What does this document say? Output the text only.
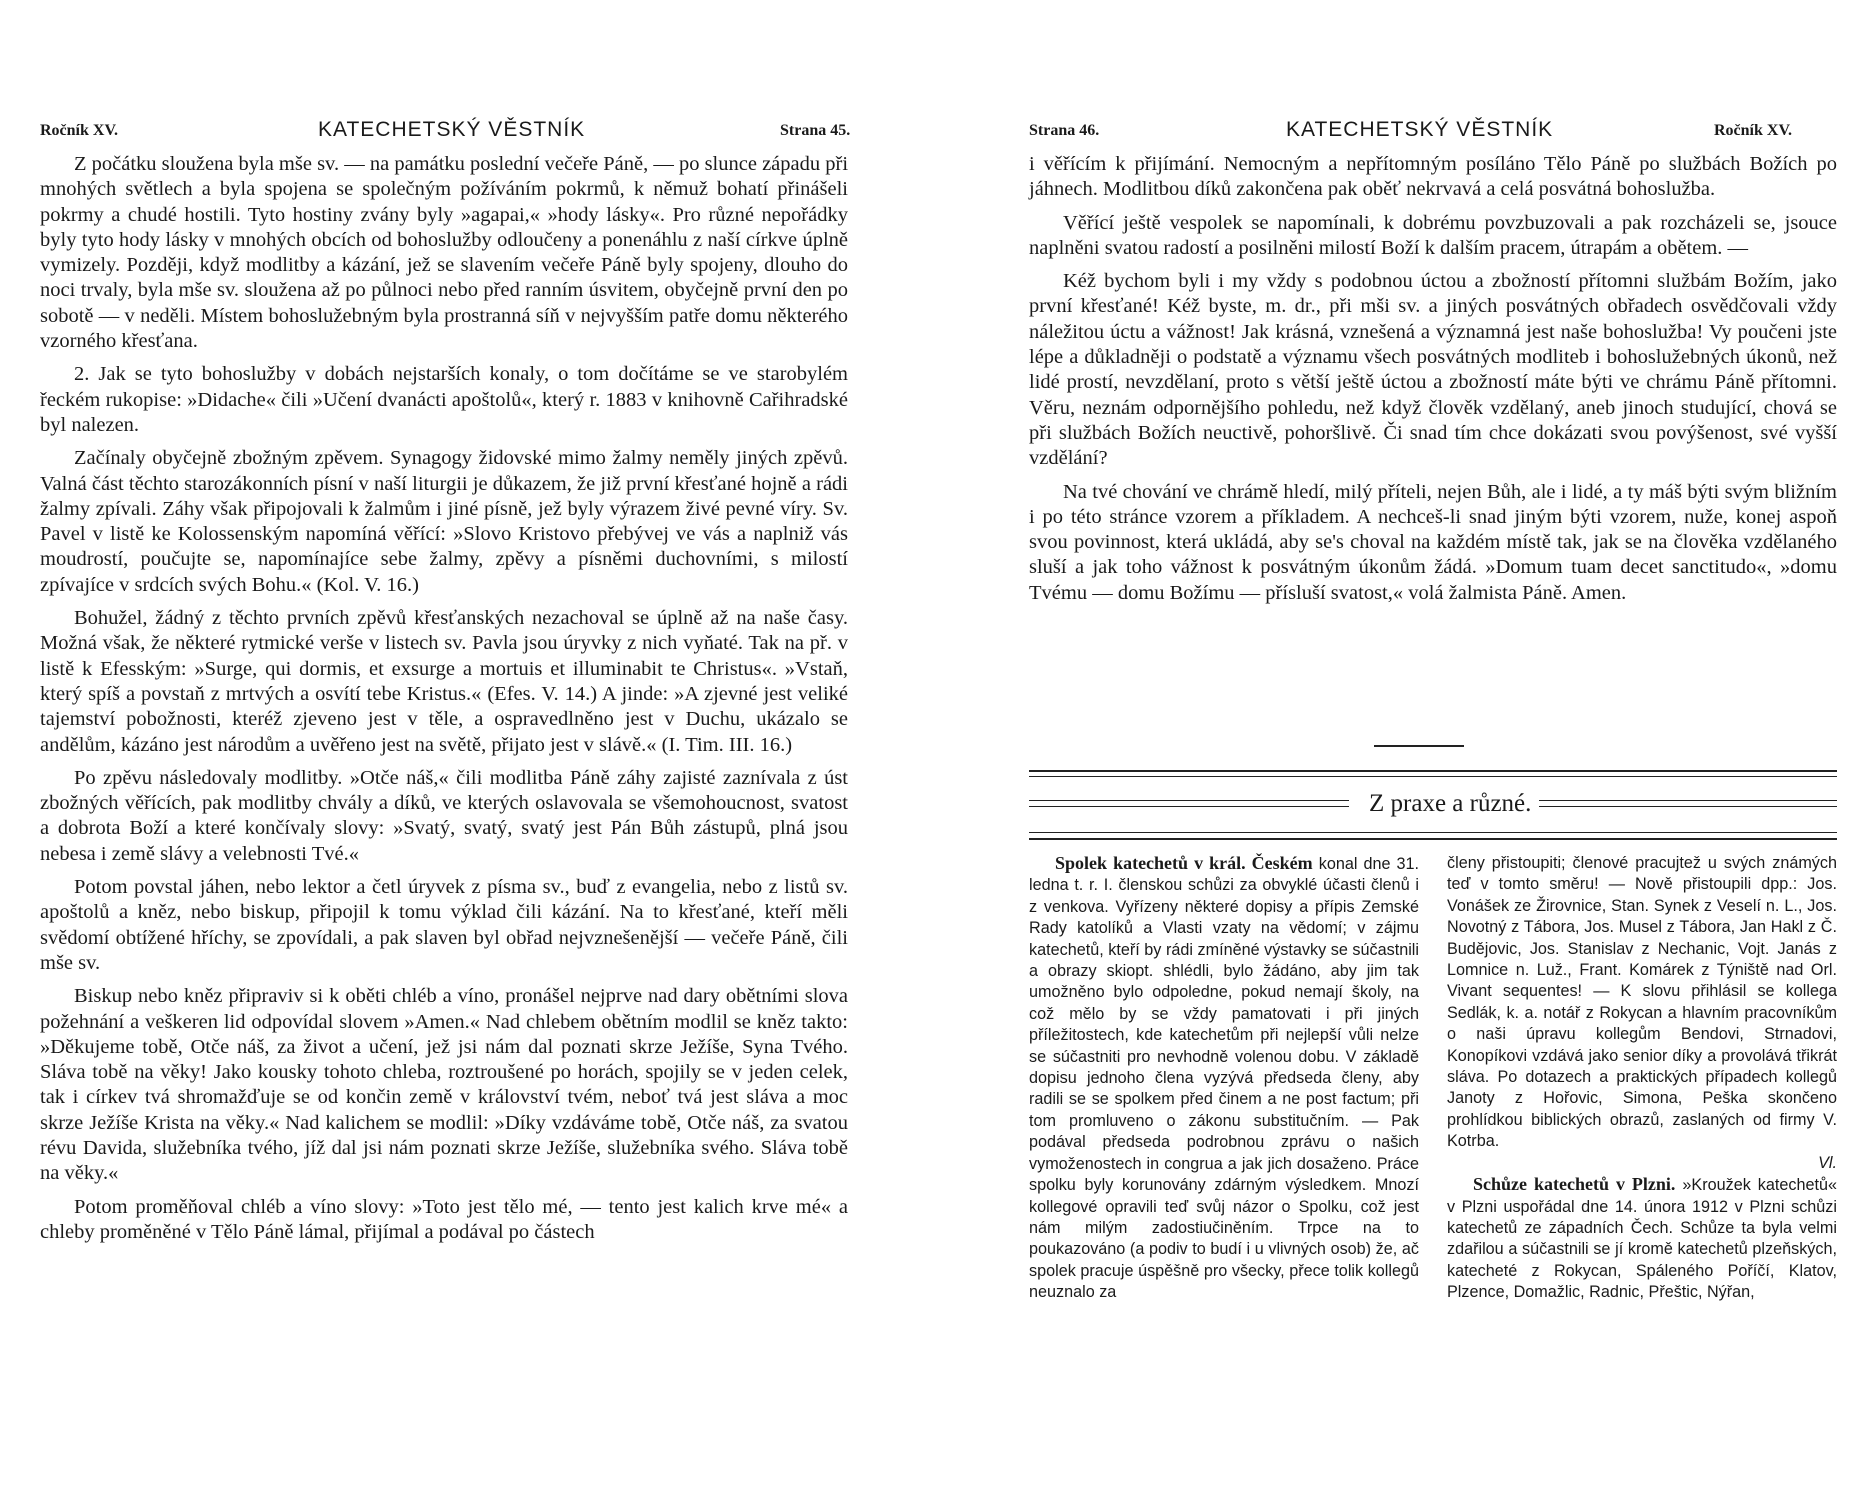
Ročník XV.	KATECHETSKÝ VĚSTNÍK	Strana 45.

Z počátku sloužena byla mše sv. — na památku poslední večeře Páně, — po slunce západu při mnohých světlech a byla spojena se společným požíváním pokrmů, k němuž bohatí přinášeli pokrmy a chudé hostili. Tyto hostiny zvány byly »agapai,« »hody lásky«. Pro různé nepořádky byly tyto hody lásky v mnohých obcích od bohoslužby odloučeny a ponenáhlu z naší církve úplně vymizely. Později, když modlitby a kázání, jež se slavením večeře Páně byly spojeny, dlouho do noci trvaly, byla mše sv. sloužena až po půlnoci nebo před ranním úsvitem, obyčejně první den po sobotě — v neděli. Místem bohoslužebným byla prostranná síň v nejvyšším patře domu některého vzorného křesťana.

2. Jak se tyto bohoslužby v dobách nejstarších konaly, o tom dočítáme se ve starobylém řeckém rukopise: »Didache« čili »Učení dvanácti apoštolů«, který r. 1883 v knihovně Cařihradské byl nalezen.

Začínaly obyčejně zbožným zpěvem. Synagogy židovské mimo žalmy neměly jiných zpěvů. Valná část těchto starozákonních písní v naší liturgii je důkazem, že již první křesťané hojně a rádi žalmy zpívali. Záhy však připojovali k žalmům i jiné písně, jež byly výrazem živé pevné víry. Sv. Pavel v listě ke Kolossenským napomíná věřící: »Slovo Kristovo přebývej ve vás a naplniž vás moudrostí, poučujte se, napomínajíce sebe žalmy, zpěvy a písněmi duchovními, s milostí zpívajíce v srdcích svých Bohu.« (Kol. V. 16.)

Bohužel, žádný z těchto prvních zpěvů křesťanských nezachoval se úplně až na naše časy. Možná však, že některé rytmické verše v listech sv. Pavla jsou úryvky z nich vyňaté. Tak na př. v listě k Efesským: »Surge, qui dormis, et exsurge a mortuis et illuminabit te Christus«. »Vstaň, který spíš a povstaň z mrtvých a osvítí tebe Kristus.« (Efes. V. 14.) A jinde: »A zjevné jest veliké tajemství pobožnosti, kteréž zjeveno jest v těle, a ospravedlněno jest v Duchu, ukázalo se andělům, kázáno jest národům a uvěřeno jest na světě, přijato jest v slávě.« (I. Tim. III. 16.)

Po zpěvu následovaly modlitby. »Otče náš,« čili modlitba Páně záhy zajisté zaznívala z úst zbožných věřících, pak modlitby chvály a díků, ve kterých oslavovala se všemohoucnost, svatost a dobrota Boží a které končívaly slovy: »Svatý, svatý, svatý jest Pán Bůh zástupů, plná jsou nebesa i země slávy a velebnosti Tvé.«

Potom povstal jáhen, nebo lektor a četl úryvek z písma sv., buď z evangelia, nebo z listů sv. apoštolů a kněz, nebo biskup, připojil k tomu výklad čili kázání. Na to křesťané, kteří měli svědomí obtížené hříchy, se zpovídali, a pak slaven byl obřad nejvznešenější — večeře Páně, čili mše sv.

Biskup nebo kněz připraviv si k oběti chléb a víno, pronášel nejprve nad dary obětními slova požehnání a veškeren lid odpovídal slovem »Amen.« Nad chlebem obětním modlil se kněz takto: »Děkujeme tobě, Otče náš, za život a učení, jež jsi nám dal poznati skrze Ježíše, Syna Tvého. Sláva tobě na věky! Jako kousky tohoto chleba, roztroušené po horách, spojily se v jeden celek, tak i církev tvá shromažďuje se od končin země v království tvém, neboť tvá jest sláva a moc skrze Ježíše Krista na věky.« Nad kalichem se modlil: »Díky vzdáváme tobě, Otče náš, za svatou révu Davida, služebníka tvého, jíž dal jsi nám poznati skrze Ježíše, služebníka svého. Sláva tobě na věky.«

Potom proměňoval chléb a víno slovy: »Toto jest tělo mé, — tento jest kalich krve mé« a chleby proměněné v Tělo Páně lámal, přijímal a podával po částech

Strana 46.	KATECHETSKÝ VĚSTNÍK	Ročník XV.

i věřícím k přijímání. Nemocným a nepřítomným posíláno Tělo Páně po službách Božích po jáhnech. Modlitbou díků zakončena pak oběť nekrvavá a celá posvátná bohoslužba.

Věřící ještě vespolek se napomínali, k dobrému povzbuzovali a pak rozcházeli se, jsouce naplněni svatou radostí a posilněni milostí Boží k dalším pracem, útrapám a obětem. —

Kéž bychom byli i my vždy s podobnou úctou a zbožností přítomni službám Božím, jako první křesťané! Kéž byste, m. dr., při mši sv. a jiných posvátných obřadech osvědčovali vždy náležitou úctu a vážnost! Jak krásná, vznešená a významná jest naše bohoslužba! Vy poučeni jste lépe a důkladněji o podstatě a významu všech posvátných modliteb i bohoslužebných úkonů, než lidé prostí, nevzdělaní, proto s větší ještě úctou a zbožností máte býti ve chrámu Páně přítomni. Věru, neznám odpornějšího pohledu, než když člověk vzdělaný, aneb jinoch studující, chová se při službách Božích neuctivě, pohoršlivě. Či snad tím chce dokázati svou povýšenost, své vyšší vzdělání?

Na tvé chování ve chrámě hledí, milý příteli, nejen Bůh, ale i lidé, a ty máš býti svým bližním i po této stránce vzorem a příkladem. A nechceš-li snad jiným býti vzorem, nuže, konej aspoň svou povinnost, která ukládá, aby se's choval na každém místě tak, jak se na člověka vzdělaného sluší a jak toho vážnost k posvátným úkonům žádá. »Domum tuam decet sanctitudo«, »domu Tvému — domu Božímu — přísluší svatost,« volá žalmista Páně. Amen.

Z praxe a různé.

Spolek katechetů v král. Českém konal dne 31. ledna t. r. I. členskou schůzi za obvyklé účasti členů i z venkova. Vyřízeny některé dopisy a přípis Zemské Rady katolíků a Vlasti vzaty na vědomí; v zájmu katechetů, kteří by rádi zmíněné výstavky se súčastnili a obrazy skiopt. shlédli, bylo žádáno, aby jim tak umožněno bylo odpoledne, pokud nemají školy, na což mělo by se vždy pamatovati i při jiných příležitostech, kde katechetům při nejlepší vůli nelze se súčastniti pro nevhodně volenou dobu. V základě dopisu jednoho člena vyzývá předseda členy, aby radili se se spolkem před činem a ne post factum; při tom promluveno o zákonu substitučním. — Pak podával předseda podrobnou zprávu o našich vymoženostech in congrua a jak jich dosaženo. Práce spolku byly korunovány zdárným výsledkem. Mnozí kollegové opravili teď svůj názor o Spolku, což jest nám milým zadostiučiněním. Trpce na to poukazováno (a podiv to budí i u vlivných osob) že, ač spolek pracuje úspěšně pro všecky, přece tolik kollegů neuznalo za

členy přistoupiti; členové pracujtež u svých známých teď v tomto směru! — Nově přistoupili dpp.: Jos. Vonášek ze Žirovnice, Stan. Synek z Veselí n. L., Jos. Novotný z Tábora, Jos. Musel z Tábora, Jan Hakl z Č. Budějovic, Jos. Stanislav z Nechanic, Vojt. Janás z Lomnice n. Luž., Frant. Komárek z Týniště nad Orl. Vivant sequentes! — K slovu přihlásil se kollega Sedlák, k. a. notář z Rokycan a hlavním pracovníkům o naši úpravu kollegům Bendovi, Strnadovi, Konopíkovi vzdává jako senior díky a provolává třikrát sláva. Po dotazech a praktických případech kollegů Janoty z Hořovic, Simona, Peška skončeno prohlídkou biblických obrazů, zaslaných od firmy V. Kotrba.

Vl.

Schůze katechetů v Plzni. »Kroužek katechetů« v Plzni uspořádal dne 14. února 1912 v Plzni schůzi katechetů ze západních Čech. Schůze ta byla velmi zdařilou a súčastnili se jí kromě katechetů plzeňských, katecheté z Rokycan, Spáleného Poříčí, Klatov, Plzence, Domažlic, Radnic, Přeštic, Nýřan,
